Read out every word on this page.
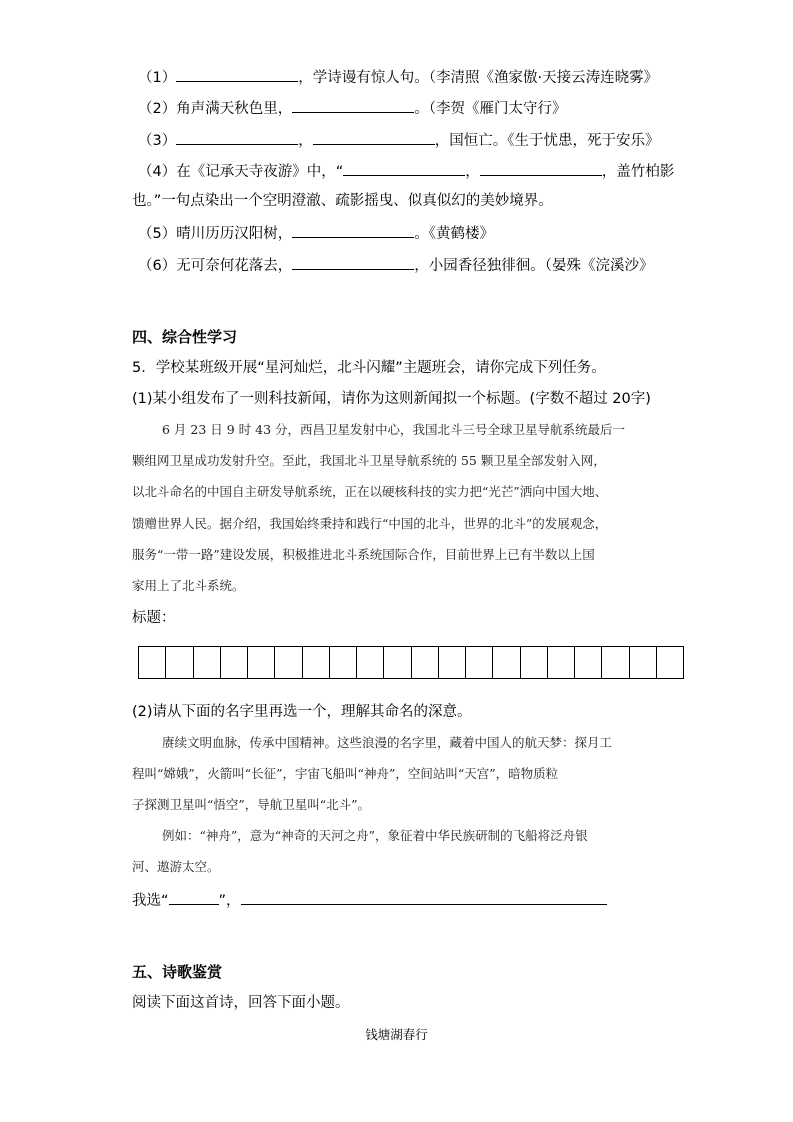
（1）	，学诗谩有惊人句。（李清照《渔家傲·天接云涛连晓雾》
（2）角声满天秋色里，	。（李贺《雁门太守行》
（3）	，	，国恒亡。《生于忧患，死于安乐》
（4）在《记承天寺夜游》中，“	，	，盖竹柏影
也。”一句点染出一个空明澄澈、疏影摇曳、似真似幻的美妙境界。
（5）晴川历历汉阳树，	。《黄鹤楼》
（6）无可奈何花落去，	，小园香径独徘徊。（晏殊《浣溪沙》
四、综合性学习
5．学校某班级开展“星河灿烂，北斗闪耀”主题班会，请你完成下列任务。
(1)某小组发布了一则科技新闻，请你为这则新闻拟一个标题。(字数不超过 20字)
6 月 23 日 9 时 43 分，西昌卫星发射中心，我国北斗三号全球卫星导航系统最后一
颗组网卫星成功发射升空。至此，我国北斗卫星导航系统的 55 颗卫星全部发射入网，
以北斗命名的中国自主研发导航系统，正在以硬核科技的实力把“光芒”洒向中国大地、
馈赠世界人民。据介绍，我国始终秉持和践行“中国的北斗，世界的北斗”的发展观念，
服务“一带一路”建设发展，积极推进北斗系统国际合作，目前世界上已有半数以上国
家用上了北斗系统。
标题：
(2)请从下面的名字里再选一个，理解其命名的深意。
赓续文明血脉，传承中国精神。这些浪漫的名字里，藏着中国人的航天梦：探月工
程叫“嫦娥”，火箭叫“长征”，宇宙飞船叫“神舟”，空间站叫“天宫”，暗物质粒
子探测卫星叫“悟空”，导航卫星叫“北斗”。
例如：“神舟”，意为“神奇的天河之舟”，象征着中华民族研制的飞船将泛舟银
河、遨游太空。
我选“	”，
五、诗歌鉴赏
阅读下面这首诗，回答下面小题。
钱塘湖春行
